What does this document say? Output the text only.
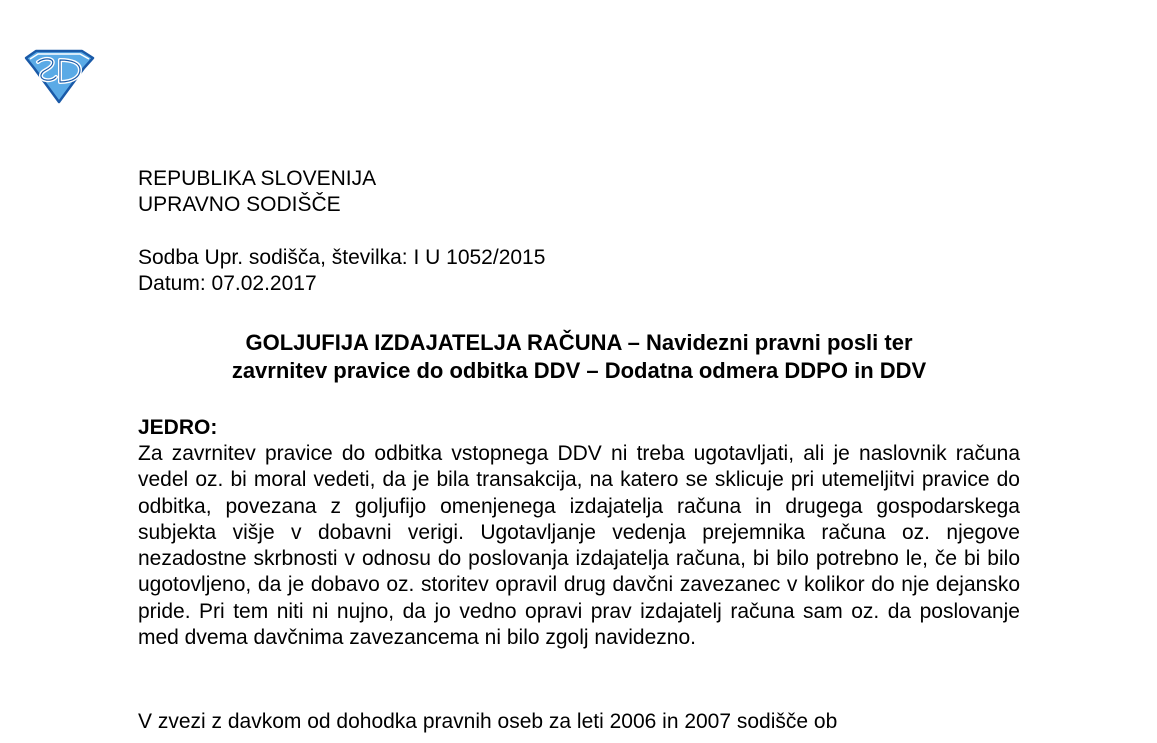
REPUBLIKA SLOVENIJA
UPRAVNO SODIŠČE
Sodba Upr. sodišča, številka: I U 1052/2015
Datum: 07.02.2017
GOLJUFIJA IZDAJATELJA RAČUNA – Navidezni pravni posli ter
zavrnitev pravice do odbitka DDV – Dodatna odmera DDPO in DDV
JEDRO:

Za zavrnitev pravice do odbitka vstopnega DDV ni treba ugotavljati, ali je naslovnik računa vedel oz. bi moral vedeti, da je bila transakcija, na katero se sklicuje pri utemeljitvi pravice do odbitka, povezana z goljufijo omenjenega izdajatelja računa in drugega gospodarskega subjekta višje v dobavni verigi. Ugotavljanje vedenja prejemnika računa oz. njegove nezadostne skrbnosti v odnosu do poslovanja izdajatelja računa, bi bilo potrebno le, če bi bilo ugotovljeno, da je dobavo oz. storitev opravil drug davčni zavezanec v kolikor do nje dejansko pride. Pri tem niti ni nujno, da jo vedno opravi prav izdajatelj računa sam oz. da poslovanje med dvema davčnima zavezancema ni bilo zgolj navidezno.

V zvezi z davkom od dohodka pravnih oseb za leti 2006 in 2007 sodišče ob
